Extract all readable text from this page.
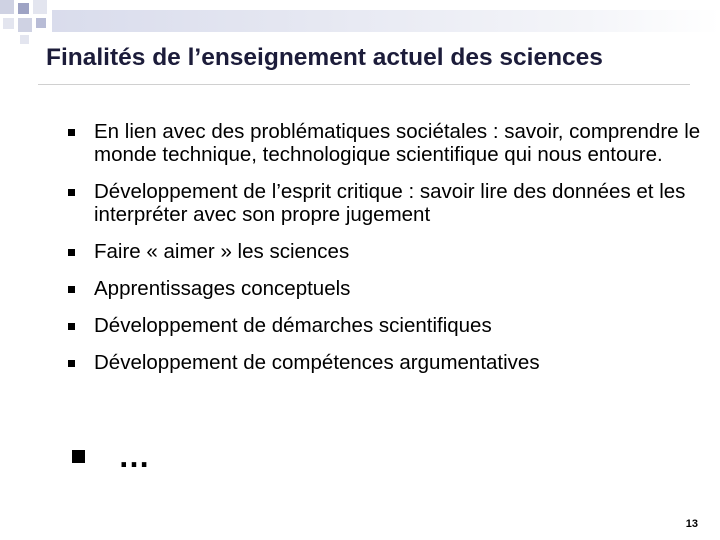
Finalités de l’enseignement actuel des sciences
En lien avec des problématiques sociétales : savoir, comprendre le monde technique, technologique scientifique qui nous entoure.
Développement de l’esprit critique : savoir lire des données et les interpréter avec son propre jugement
Faire « aimer » les sciences
Apprentissages conceptuels
Développement de démarches scientifiques
Développement de compétences argumentatives
…
13
